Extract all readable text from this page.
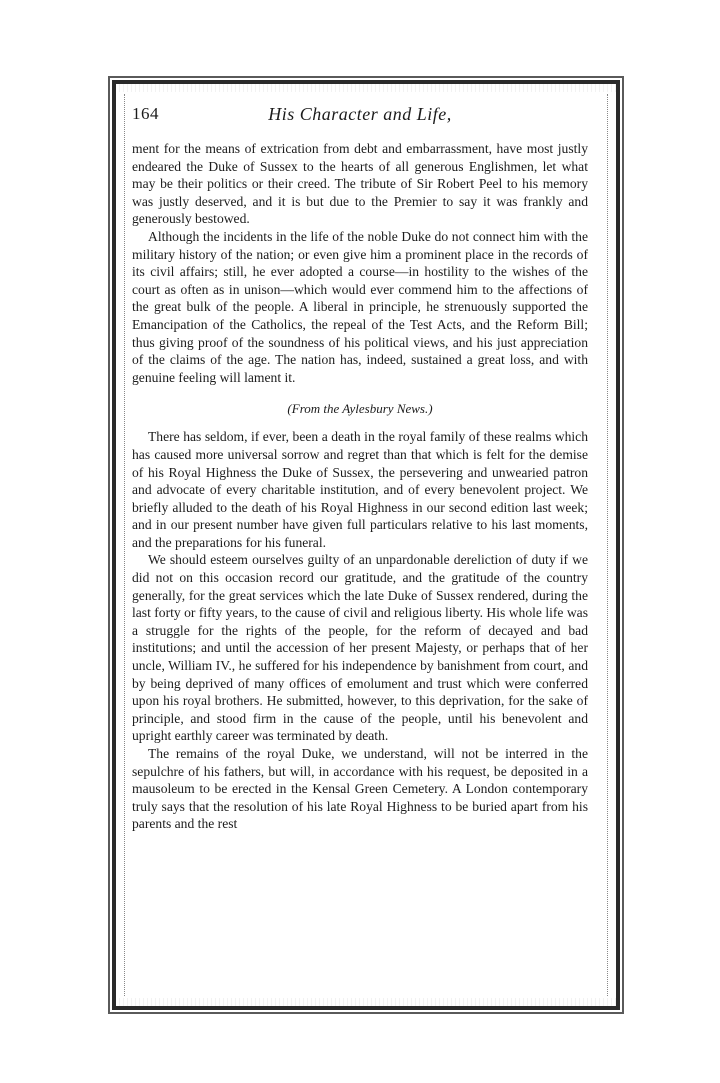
164	His Character and Life,

ment for the means of extrication from debt and embarrassment, have most justly endeared the Duke of Sussex to the hearts of all generous Englishmen, let what may be their politics or their creed. The tribute of Sir Robert Peel to his memory was justly deserved, and it is but due to the Premier to say it was frankly and generously bestowed.

Although the incidents in the life of the noble Duke do not connect him with the military history of the nation; or even give him a prominent place in the records of its civil affairs; still, he ever adopted a course—in hostility to the wishes of the court as often as in unison—which would ever commend him to the affections of the great bulk of the people. A liberal in principle, he strenuously supported the Emancipation of the Catholics, the repeal of the Test Acts, and the Reform Bill; thus giving proof of the soundness of his political views, and his just appreciation of the claims of the age. The nation has, indeed, sustained a great loss, and with genuine feeling will lament it.

(From the Aylesbury News.)

There has seldom, if ever, been a death in the royal family of these realms which has caused more universal sorrow and regret than that which is felt for the demise of his Royal Highness the Duke of Sussex, the persevering and unwearied patron and advocate of every charitable institution, and of every benevolent project. We briefly alluded to the death of his Royal Highness in our second edition last week; and in our present number have given full particulars relative to his last moments, and the preparations for his funeral.

We should esteem ourselves guilty of an unpardonable dereliction of duty if we did not on this occasion record our gratitude, and the gratitude of the country generally, for the great services which the late Duke of Sussex rendered, during the last forty or fifty years, to the cause of civil and religious liberty. His whole life was a struggle for the rights of the people, for the reform of decayed and bad institutions; and until the accession of her present Majesty, or perhaps that of her uncle, William IV., he suffered for his independence by banishment from court, and by being deprived of many offices of emolument and trust which were conferred upon his royal brothers. He submitted, however, to this deprivation, for the sake of principle, and stood firm in the cause of the people, until his benevolent and upright earthly career was terminated by death.

The remains of the royal Duke, we understand, will not be interred in the sepulchre of his fathers, but will, in accordance with his request, be deposited in a mausoleum to be erected in the Kensal Green Cemetery. A London contemporary truly says that the resolution of his late Royal Highness to be buried apart from his parents and the rest
